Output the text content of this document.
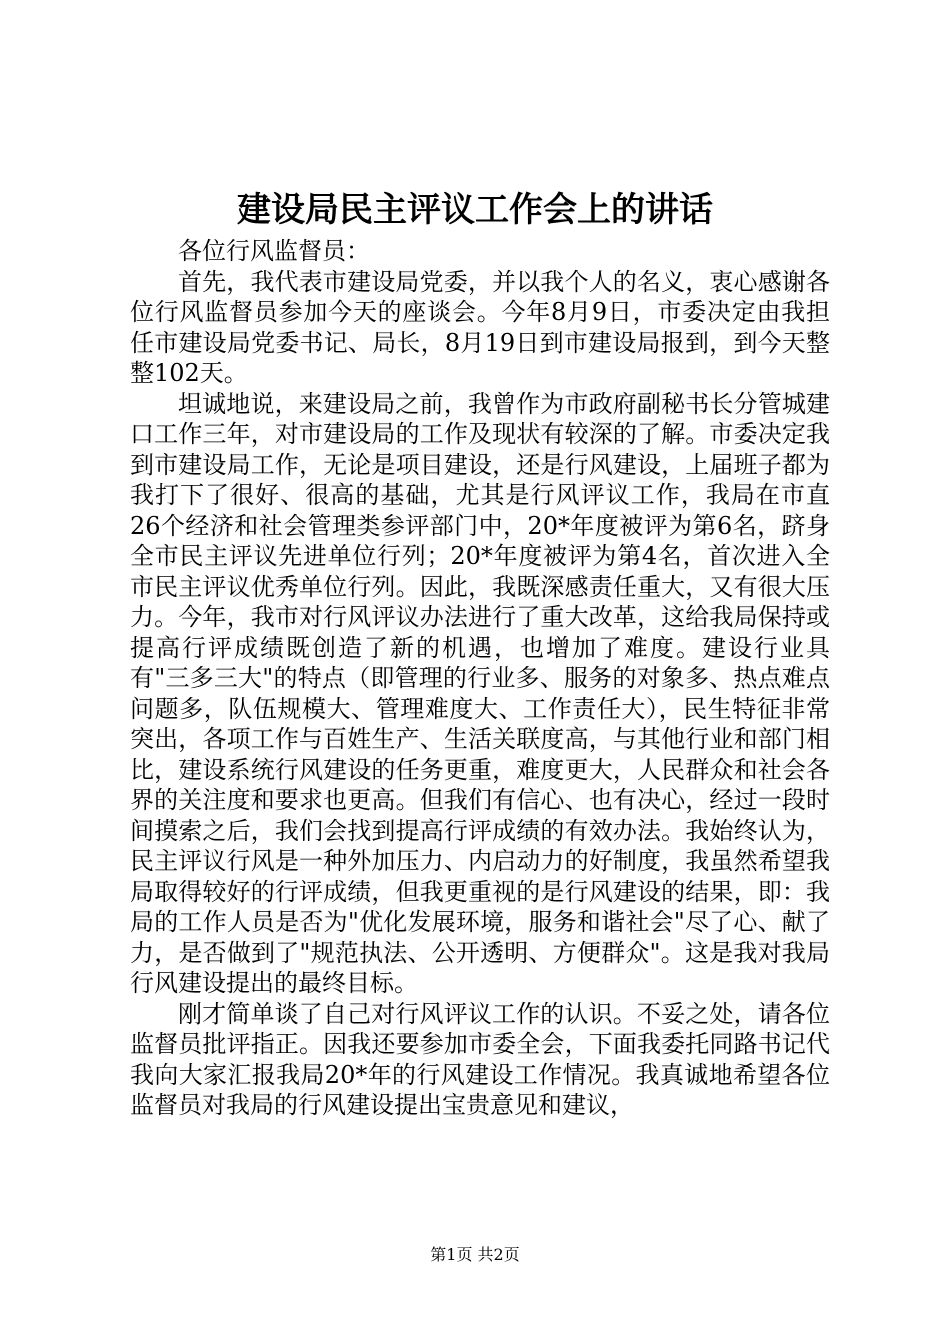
建设局民主评议工作会上的讲话

各位行风监督员：

首先，我代表市建设局党委，并以我个人的名义，衷心感谢各位行风监督员参加今天的座谈会。今年8月9日，市委决定由我担任市建设局党委书记、局长，8月19日到市建设局报到，到今天整整102天。

坦诚地说，来建设局之前，我曾作为市政府副秘书长分管城建口工作三年，对市建设局的工作及现状有较深的了解。市委决定我到市建设局工作，无论是项目建设，还是行风建设，上届班子都为我打下了很好、很高的基础，尤其是行风评议工作，我局在市直26个经济和社会管理类参评部门中，20*年度被评为第6名，跻身全市民主评议先进单位行列；20*年度被评为第4名，首次进入全市民主评议优秀单位行列。因此，我既深感责任重大，又有很大压力。今年，我市对行风评议办法进行了重大改革，这给我局保持或提高行评成绩既创造了新的机遇，也增加了难度。建设行业具有"三多三大"的特点（即管理的行业多、服务的对象多、热点难点问题多，队伍规模大、管理难度大、工作责任大），民生特征非常突出，各项工作与百姓生产、生活关联度高，与其他行业和部门相比，建设系统行风建设的任务更重，难度更大，人民群众和社会各界的关注度和要求也更高。但我们有信心、也有决心，经过一段时间摸索之后，我们会找到提高行评成绩的有效办法。我始终认为，民主评议行风是一种外加压力、内启动力的好制度，我虽然希望我局取得较好的行评成绩，但我更重视的是行风建设的结果，即：我局的工作人员是否为"优化发展环境，服务和谐社会"尽了心、献了力，是否做到了"规范执法、公开透明、方便群众"。这是我对我局行风建设提出的最终目标。

刚才简单谈了自己对行风评议工作的认识。不妥之处，请各位监督员批评指正。因我还要参加市委全会，下面我委托同路书记代我向大家汇报我局20*年的行风建设工作情况。我真诚地希望各位监督员对我局的行风建设提出宝贵意见和建议，

第1页 共2页
